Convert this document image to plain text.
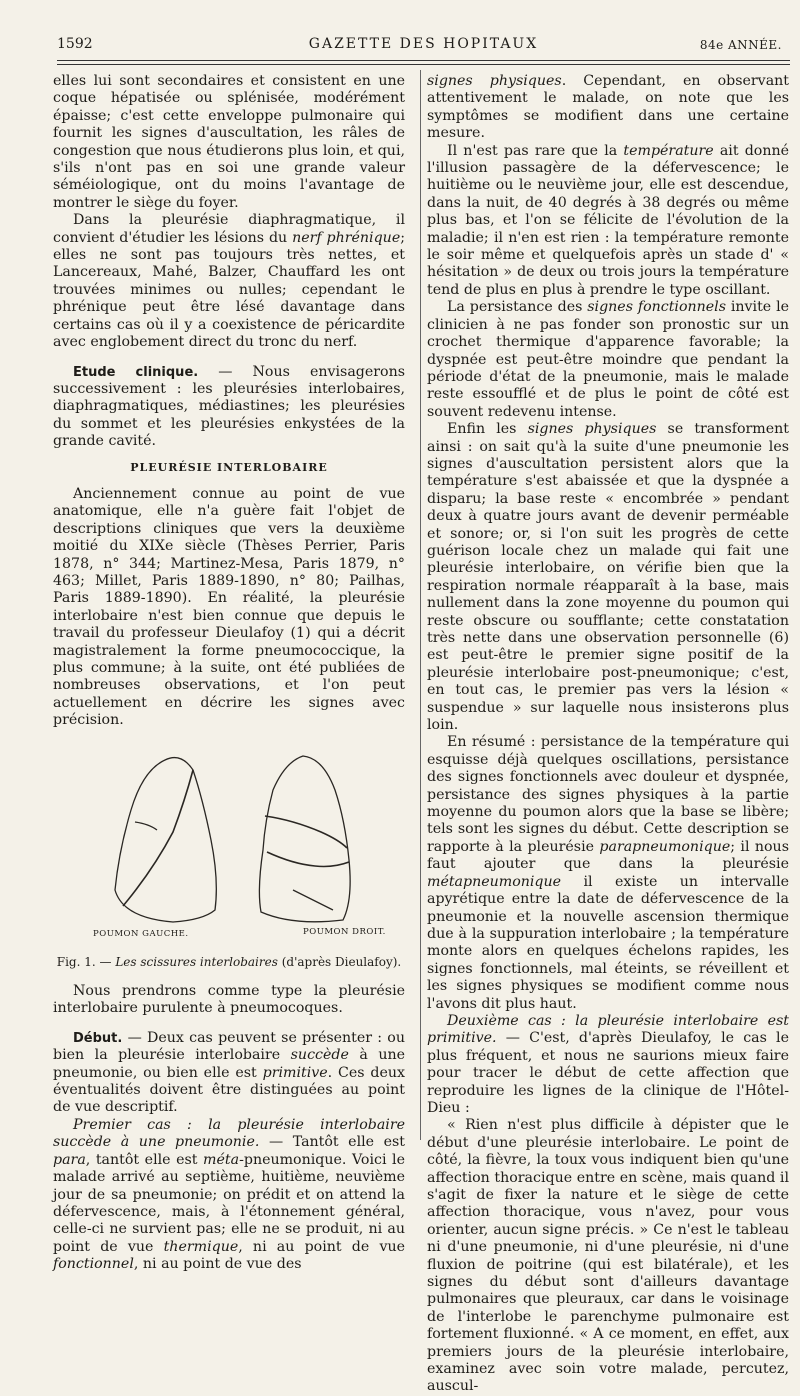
1592	GAZETTE DES HOPITAUX	84e ANNÉE.

elles lui sont secondaires et consistent en une coque hépatisée ou splénisée, modérément épaisse; c'est cette enveloppe pulmonaire qui fournit les signes d'auscultation, les râles de congestion que nous étudierons plus loin, et qui, s'ils n'ont pas en soi une grande valeur séméiologique, ont du moins l'avantage de montrer le siège du foyer.

Dans la pleurésie diaphragmatique, il convient d'étudier les lésions du nerf phrénique; elles ne sont pas toujours très nettes, et Lancereaux, Mahé, Balzer, Chauffard les ont trouvées minimes ou nulles; cependant le phrénique peut être lésé davantage dans certains cas où il y a coexistence de péricardite avec englobement direct du tronc du nerf.

Etude clinique. — Nous envisagerons successivement : les pleurésies interlobaires, diaphragmatiques, médiastines; les pleurésies du sommet et les pleurésies enkystées de la grande cavité.

PLEURÉSIE INTERLOBAIRE

Anciennement connue au point de vue anatomique, elle n'a guère fait l'objet de descriptions cliniques que vers la deuxième moitié du XIXe siècle (Thèses Perrier, Paris 1878, n° 344; Martinez-Mesa, Paris 1879, n° 463; Millet, Paris 1889-1890, n° 80; Pailhas, Paris 1889-1890). En réalité, la pleurésie interlobaire n'est bien connue que depuis le travail du professeur Dieulafoy (1) qui a décrit magistralement la forme pneumococcique, la plus commune; à la suite, ont été publiées de nombreuses observations, et l'on peut actuellement en décrire les signes avec précision.

POUMON GAUCHE.	POUMON DROIT.

Fig. 1. — Les scissures interlobaires (d'après Dieulafoy).

Nous prendrons comme type la pleurésie interlobaire purulente à pneumocoques.

Début. — Deux cas peuvent se présenter : ou bien la pleurésie interlobaire succède à une pneumonie, ou bien elle est primitive. Ces deux éventualités doivent être distinguées au point de vue descriptif.

Premier cas : la pleurésie interlobaire succède à une pneumonie. — Tantôt elle est para, tantôt elle est méta-pneumonique. Voici le malade arrivé au septième, huitième, neuvième jour de sa pneumonie; on prédit et on attend la défervescence, mais, à l'étonnement général, celle-ci ne survient pas; elle ne se produit, ni au point de vue thermique, ni au point de vue fonctionnel, ni au point de vue des

signes physiques. Cependant, en observant attentivement le malade, on note que les symptômes se modifient dans une certaine mesure.

Il n'est pas rare que la température ait donné l'illusion passagère de la défervescence; le huitième ou le neuvième jour, elle est descendue, dans la nuit, de 40 degrés à 38 degrés ou même plus bas, et l'on se félicite de l'évolution de la maladie; il n'en est rien : la température remonte le soir même et quelquefois après un stade d' « hésitation » de deux ou trois jours la température tend de plus en plus à prendre le type oscillant.

La persistance des signes fonctionnels invite le clinicien à ne pas fonder son pronostic sur un crochet thermique d'apparence favorable; la dyspnée est peut-être moindre que pendant la période d'état de la pneumonie, mais le malade reste essoufflé et de plus le point de côté est souvent redevenu intense.

Enfin les signes physiques se transforment ainsi : on sait qu'à la suite d'une pneumonie les signes d'auscultation persistent alors que la température s'est abaissée et que la dyspnée a disparu; la base reste « encombrée » pendant deux à quatre jours avant de devenir perméable et sonore; or, si l'on suit les progrès de cette guérison locale chez un malade qui fait une pleurésie interlobaire, on vérifie bien que la respiration normale réapparaît à la base, mais nullement dans la zone moyenne du poumon qui reste obscure ou soufflante; cette constatation très nette dans une observation personnelle (6) est peut-être le premier signe positif de la pleurésie interlobaire post-pneumonique; c'est, en tout cas, le premier pas vers la lésion « suspendue » sur laquelle nous insisterons plus loin.

En résumé : persistance de la température qui esquisse déjà quelques oscillations, persistance des signes fonctionnels avec douleur et dyspnée, persistance des signes physiques à la partie moyenne du poumon alors que la base se libère; tels sont les signes du début. Cette description se rapporte à la pleurésie parapneumonique; il nous faut ajouter que dans la pleurésie métapneumonique il existe un intervalle apyrétique entre la date de défervescence de la pneumonie et la nouvelle ascension thermique due à la suppuration interlobaire ; la température monte alors en quelques échelons rapides, les signes fonctionnels, mal éteints, se réveillent et les signes physiques se modifient comme nous l'avons dit plus haut.

Deuxième cas : la pleurésie interlobaire est primitive. — C'est, d'après Dieulafoy, le cas le plus fréquent, et nous ne saurions mieux faire pour tracer le début de cette affection que reproduire les lignes de la clinique de l'Hôtel-Dieu :

« Rien n'est plus difficile à dépister que le début d'une pleurésie interlobaire. Le point de côté, la fièvre, la toux vous indiquent bien qu'une affection thoracique entre en scène, mais quand il s'agit de fixer la nature et le siège de cette affection thoracique, vous n'avez, pour vous orienter, aucun signe précis. » Ce n'est le tableau ni d'une pneumonie, ni d'une pleurésie, ni d'une fluxion de poitrine (qui est bilatérale), et les signes du début sont d'ailleurs davantage pulmonaires que pleuraux, car dans le voisinage de l'interlobe le parenchyme pulmonaire est fortement fluxionné. « A ce moment, en effet, aux premiers jours de la pleurésie interlobaire, examinez avec soin votre malade, percutez, auscul-
